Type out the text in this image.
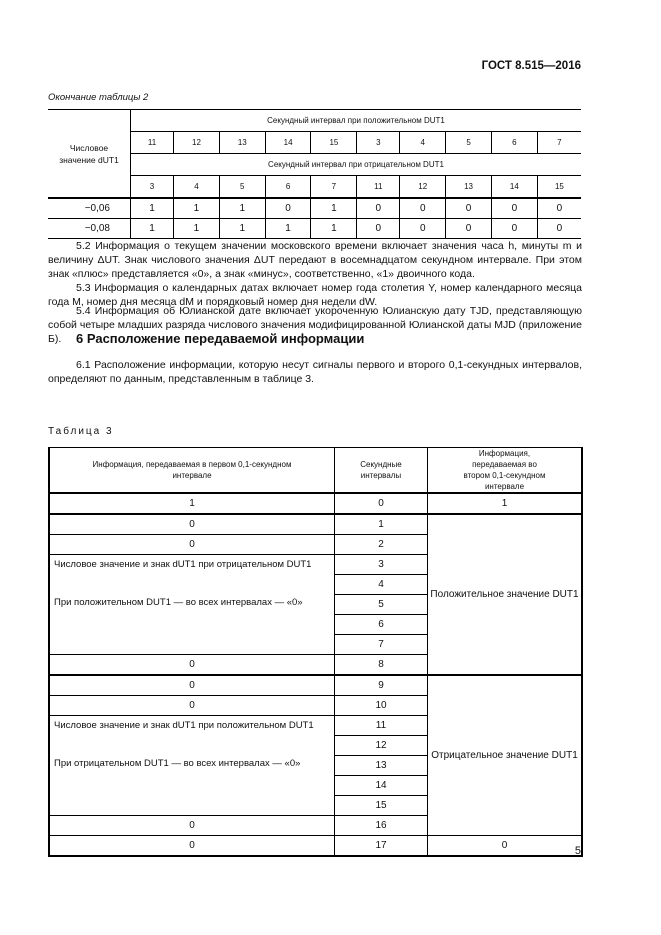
ГОСТ 8.515—2016
Окончание таблицы 2
Числовое
значение dUT1	Секундный интервал при положительном DUT1									
	11	12	13	14	15	3	4	5	6	7
	Секундный интервал при отрицательном DUT1									
	3	4	5	6	7	11	12	13	14	15
−0,06	1	1	1	0	1	0	0	0	0	0
−0,08	1	1	1	1	1	0	0	0	0	0
5.2 Информация о текущем значении московского времени включает значения часа h, минуты m и величину ΔUT. Знак числового значения ΔUT передают в восемнадцатом секундном интервале. При этом знак «плюс» представляется «0», а знак «минус», соответственно, «1» двоичного кода.
5.3 Информация о календарных датах включает номер года столетия Y, номер календарного месяца года M, номер дня месяца dM и порядковый номер дня недели dW.
5.4 Информация об Юлианской дате включает укороченную Юлианскую дату TJD, представляющую собой четыре младших разряда числового значения модифицированной Юлианской даты MJD (приложение Б).	6 Расположение передаваемой информации
6.1 Расположение информации, которую несут сигналы первого и второго 0,1-секундных интервалов, определяют по данным, представленным в таблице 3.
Таблица 3
Информация, передаваемая в первом 0,1-секундном интервале	Секундные интервалы	Информация, передаваемая во втором 0,1-секундном интервале
1	0	1
0	1	Положительное значение DUT1
0	2	

Числовое значение и знак dUT1 при отрицательном DUT1
При положительном DUT1 — во всех интервалах — «0»	3	
	4	
	5	
	6	
	7	
0	8	
0	9	Отрицательное значение DUT1
0	10	

Числовое значение и знак dUT1 при положительном DUT1
При отрицательном DUT1 — во всех интервалах — «0»	11	
	12	
	13	
	14	
	15	
0	16	
0	17	0	5
